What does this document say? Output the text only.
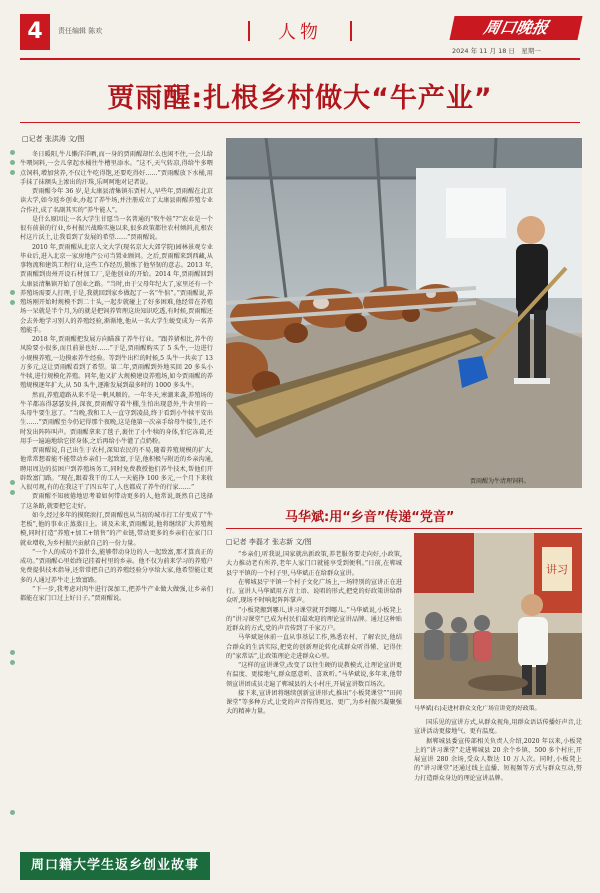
4	责任编辑 陈欢	人物	周口晚报
2024 年 11 月 18 日　星期一
贾雨醒:扎根乡村做大“牛产业”
□记者 张洪涛 文/图

冬日暖阳,牛儿懒洋洋晒,而一身的贾雨醒却忙么也闲不住,一会儿给牛喂饲料,一会儿拿起水桶往牛槽里添水。“这不,天气转凉,得给牛多喂点饲料,增加营养,不仅让牛吃得饱,还要吃得好……”贾雨醒放下水桶,用手抹了抹额头上渗出的汗珠,乐呵呵地对记者说。

贾雨醒今年 36 岁,是太康县清集镇东贾村人,早些年,贾雨醒在北京读大学,如今返乡创业,办起了养牛场,并注册成立了太康县雨醒养殖专业合作社,成了名副其实的“养牛能人”。

是什么原因让一名大学生甘愿当一名普通的“牧牛娃”?“农业是一个很有前景的行业,乡村振兴战略实施以来,很多政策都往农村倾斜,扎根农村这片沃土,让我看到了发展的希望……”贾雨醒说。

2010 年,贾雨醒从北京人文大学(现名京大大郊学院)园林景观专业毕业后,进入北京一家房地产公司当置业顾问。之后,贾雨醒来到西藏,从事物流和建筑工程行业,这些工作经历,锻炼了他坚韧的意志。2013 年,贾雨醒到贵州开设石材加工厂,是他创业的开始。2014 年,贾雨醒回到太康县清集镇开始了创业之路。“当时,由于父母年纪大了,家里还有一个养殖场需要人打理,于是,我就回到家乡做起了一名“牛倌”。”贾雨醒说,养殖场刚开始时规模不到二十头,一起步就碰上了好多困难,他经常在养殖场一呆就是半个月,为的就是把饲养管理这块知识吃透,有时候,贾雨醒还会去外地学习别人的养殖经验,渐渐地,他从一名大学生蜕变成为一名养殖能手。

2018 年,贾雨醒把发展方向瞄准了养牛行业。“跟养猪相比,养牛的风险要小很多,而且前景也好……”于是,贾雨醒购买了 5 头牛,一边进行小规模养殖,一边摸索养牛经验。等到牛出栏的时候,5 头牛一共卖了 13 万多元,这让贾雨醒看到了希望。第二年,贾雨醒到外地买回 20 多头小牛犊,进行规模化养殖。同年,他又扩大规模建设养殖场,如今贾雨醒的养殖规模逐年扩大,从 50 头牛,逐渐发展到最多时的 1000 多头牛。

然而,养殖道路从来不是一帆风顺的。一年冬天,寒潮来袭,养殖场的牛羊都冻得瑟瑟发抖,深夜,贾雨醒守着牛棚,生怕出现意外,牛舍里的一头母牛要生崽了。“当晚,我和工人一直守到凌晨,终于看到小牛犊平安出生……”贾雨醒至今仍记得那个夜晚,这是他第一次亲手给母牛接生,还不时发出阵阵叫声。贾雨醒拿来了毯子,裹住了小牛犊的身体,怕它冻着,还用手一遍遍地给它搓身体,之后再给小牛灌了点奶粉。

贾雨醒说,自己出生于农村,深知农民的不易,随着养殖规模的扩大,他常常想着能不能带动乡亲们一起致富,于是,他积极与附近的乡亲沟通,聘用周边的贫困户到养殖场务工,同时免费教授他们养牛技术,帮他们开辟致富门路。“现在,跟着我干的工人一天能挣 100 多元,一个月下来收入很可观,有的在我这干了四五年了,人也都成了养牛的行家……”

贾雨醒不知疲倦地思考着如何带动更多的人,他常说,既然自己选择了这条路,就要把它走好。

如今,经过多年的摸爬滚打,贾雨醒也从当初的城市打工仔变成了“牛老板”,他的事业正蒸蒸日上。谈及未来,贾雨醒说,他将继续扩大养殖规模,同时打造“养殖+加工+销售”的产业链,带动更多的乡亲们在家门口就业增收,为乡村振兴贡献自己的一份力量。

“一个人的成功不算什么,能够带动身边的人一起致富,那才算真正的成功。”贾雨醒心里始终记挂着村里的乡亲。他不仅为前来学习的养殖户免费提供技术指导,还常常把自己的养殖经验分享给大家,他希望能让更多的人通过养牛走上致富路。

“下一步,我考虑对肉牛进行深加工,把养牛产业做大做强,让乡亲们都能在家门口过上好日子。”贾雨醒说。

贾雨醒为牛清理饲料。
马华斌:用“乡音”传递“党音”
□记者 李磊才 张志新 文/图

“乡亲们,听我说,国家就出新政策,养老服务要走向好,小政策,大力推动老有所养,老年人家门口就能享受到便利。”日前,在郸城县宁平镇的一个村子里,马华斌正在给群众宣讲。

在郸城县宁平镇一个村子文化广场上,一场特别的宣讲正在进行。宣讲人马华斌用方言土语、说唱的形式,把党的好政策讲给群众听,现场不时响起阵阵掌声。

“小板凳搬到哪儿,讲习课堂就开到哪儿。”马华斌说,小板凳上的“讲习课堂”已成为村民们最欢迎的理论宣讲品牌。通过这种贴近群众的方式,党的声音传到了千家万户。

马华斌退休前一直从事基层工作,熟悉农村、了解农民,他结合群众的生活实际,把党的创新理论转化成群众听得懂、记得住的“家常话”,让政策理论走进群众心里。

“这样的宣讲课堂,改变了以往生硬的说教模式,让理论宣讲更有温度、更接地气,群众愿意听、喜欢听。”马华斌说,多年来,他带领宣讲团成员走遍了郸城县的大小村庄,开展宣讲数百场次。

接下来,宣讲团将继续创新宣讲形式,推出“小板凳课堂”“田间课堂”等多种方式,让党的声音传得更远、更广,为乡村振兴凝聚强大的精神力量。

讲习
马华斌(右)走进村群众文化广场宣讲党的好政策。

国乐见的宣讲方式,从群众视角,用群众语话传播好声音,让宣讲活动更接地气、更有温度。

据郸城县委宣传部相关负责人介绍,2020 年以来,小板凳上的“讲习课堂”走进郸城县 20 余个乡镇、500 多个村庄,开展宣讲 280 余场,受众人数达 10 万人次。同时,小板凳上的“讲习课堂”还通过线上直播、短视频等方式与群众互动,努力打造群众身边的理论宣讲品牌。

周口籍大学生返乡创业故事
